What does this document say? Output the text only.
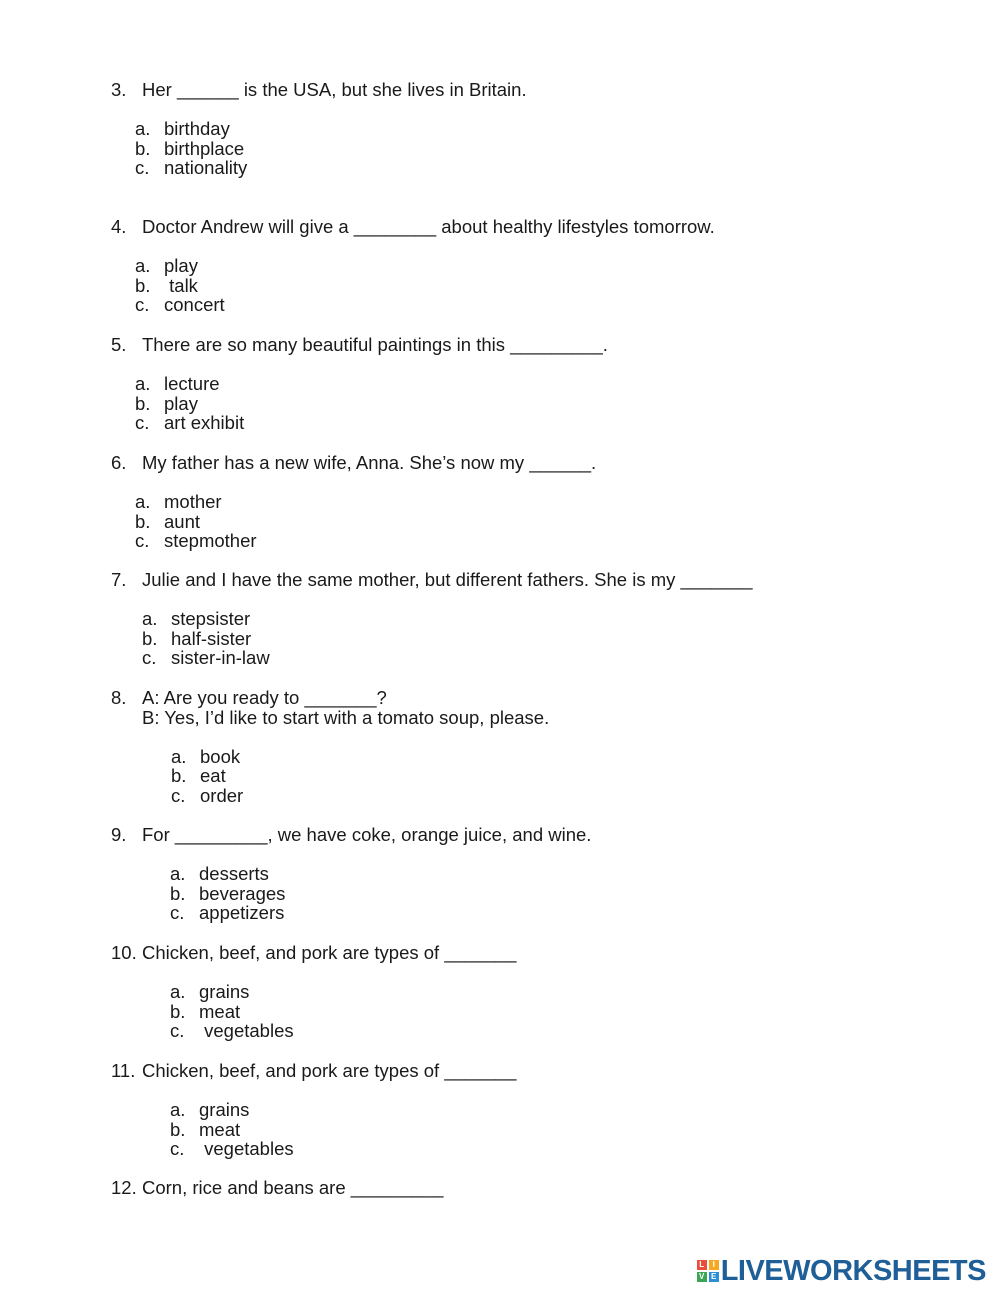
3. Her ______ is the USA, but she lives in Britain.
a. birthday
b. birthplace
c. nationality
4. Doctor Andrew will give a ________ about healthy lifestyles tomorrow.
a. play
b. talk
c. concert
5. There are so many beautiful paintings in this _________.
a. lecture
b. play
c. art exhibit
6. My father has a new wife, Anna. She’s now my ______.
a. mother
b. aunt
c. stepmother
7. Julie and I have the same mother, but different fathers. She is my _______
a. stepsister
b. half-sister
c. sister-in-law
8. A: Are you ready to _______?
B: Yes, I’d like to start with a tomato soup, please.
a. book
b. eat
c. order
9. For _________, we have coke, orange juice, and wine.
a. desserts
b. beverages
c. appetizers
10. Chicken, beef, and pork are types of _______
a. grains
b. meat
c. vegetables
11. Chicken, beef, and pork are types of _______
a. grains
b. meat
c. vegetables
12. Corn, rice and beans are _________
L	I
V E LIVEWORKSHEETS
